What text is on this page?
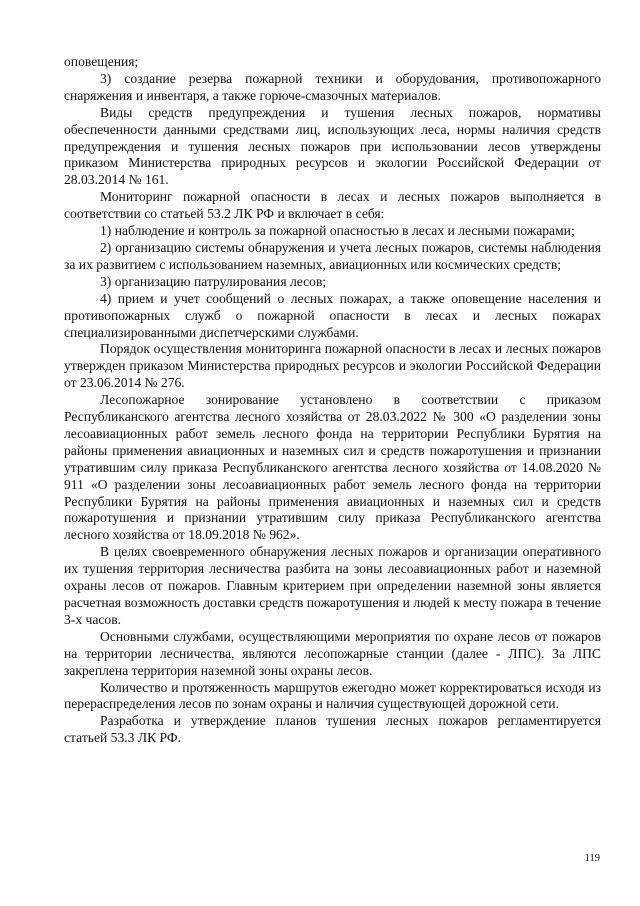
оповещения;

3) создание резерва пожарной техники и оборудования, противопожарного снаряжения и инвентаря, а также горюче-смазочных материалов.

Виды средств предупреждения и тушения лесных пожаров, нормативы обеспеченности данными средствами лиц, использующих леса, нормы наличия средств предупреждения и тушения лесных пожаров при использовании лесов утверждены приказом Министерства природных ресурсов и экологии Российской Федерации от 28.03.2014 № 161.

Мониторинг пожарной опасности в лесах и лесных пожаров выполняется в соответствии со статьей 53.2 ЛК РФ и включает в себя:

1) наблюдение и контроль за пожарной опасностью в лесах и лесными пожарами;

2) организацию системы обнаружения и учета лесных пожаров, системы наблюдения за их развитием с использованием наземных, авиационных или космических средств;

3) организацию патрулирования лесов;

4) прием и учет сообщений о лесных пожарах, а также оповещение населения и противопожарных служб о пожарной опасности в лесах и лесных пожарах специализированными диспетчерскими службами.

Порядок осуществления мониторинга пожарной опасности в лесах и лесных пожаров утвержден приказом Министерства природных ресурсов и экологии Российской Федерации от 23.06.2014 № 276.

Лесопожарное зонирование установлено в соответствии с приказом Республиканского агентства лесного хозяйства от 28.03.2022 № 300 «О разделении зоны лесоавиационных работ земель лесного фонда на территории Республики Бурятия на районы применения авиационных и наземных сил и средств пожаротушения и признании утратившим силу приказа Республиканского агентства лесного хозяйства от 14.08.2020 № 911 «О разделении зоны лесоавиационных работ земель лесного фонда на территории Республики Бурятия на районы применения авиационных и наземных сил и средств пожаротушения и признании утратившим силу приказа Республиканского агентства лесного хозяйства от 18.09.2018 № 962».

В целях своевременного обнаружения лесных пожаров и организации оперативного их тушения территория лесничества разбита на зоны лесоавиационных работ и наземной охраны лесов от пожаров. Главным критерием при определении наземной зоны является расчетная возможность доставки средств пожаротушения и людей к месту пожара в течение 3-х часов.

Основными службами, осуществляющими мероприятия по охране лесов от пожаров на территории лесничества, являются лесопожарные станции (далее - ЛПС). За ЛПС закреплена территория наземной зоны охраны лесов.

Количество и протяженность маршрутов ежегодно может корректироваться исходя из перераспределения лесов по зонам охраны и наличия существующей дорожной сети.

Разработка и утверждение планов тушения лесных пожаров регламентируется статьей 53.3 ЛК РФ.

119
